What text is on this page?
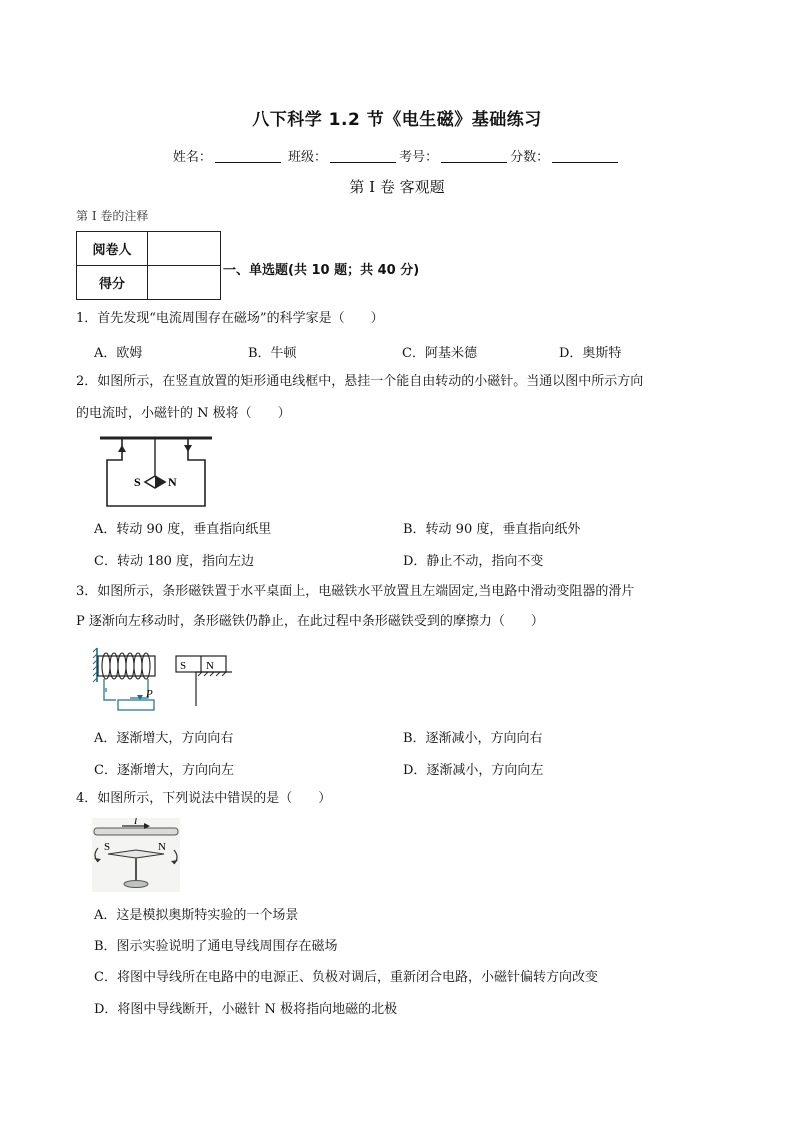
八下科学 1.2 节《电生磁》基础练习
姓名：	班级：	考号：	分数：
第 I 卷 客观题
第 I 卷的注释
阅卷人	
得分	
一、单选题(共 10 题；共 40 分)
1．首先发现“电流周围存在磁场”的科学家是（　　）
A．欧姆	B．牛顿	C．阿基米德	D．奥斯特
2．如图所示，在竖直放置的矩形通电线框中，悬挂一个能自由转动的小磁针。当通以图中所示方向
的电流时，小磁针的 N 极将（　　）
S N
A．转动 90 度，垂直指向纸里	B．转动 90 度，垂直指向纸外
C．转动 180 度，指向左边	D．静止不动，指向不变
3．如图所示，条形磁铁置于水平桌面上，电磁铁水平放置且左端固定,当电路中滑动变阻器的滑片
P 逐渐向左移动时，条形磁铁仍静止，在此过程中条形磁铁受到的摩擦力（　　）
P
S N
A．逐渐增大，方向向右	B．逐渐减小，方向向右
C．逐渐增大，方向向左	D．逐渐减小，方向向左
4．如图所示，下列说法中错误的是（　　）
I
S	N
A．这是模拟奥斯特实验的一个场景
B．图示实验说明了通电导线周围存在磁场
C．将图中导线所在电路中的电源正、负极对调后，重新闭合电路，小磁针偏转方向改变
D．将图中导线断开，小磁针 N 极将指向地磁的北极
